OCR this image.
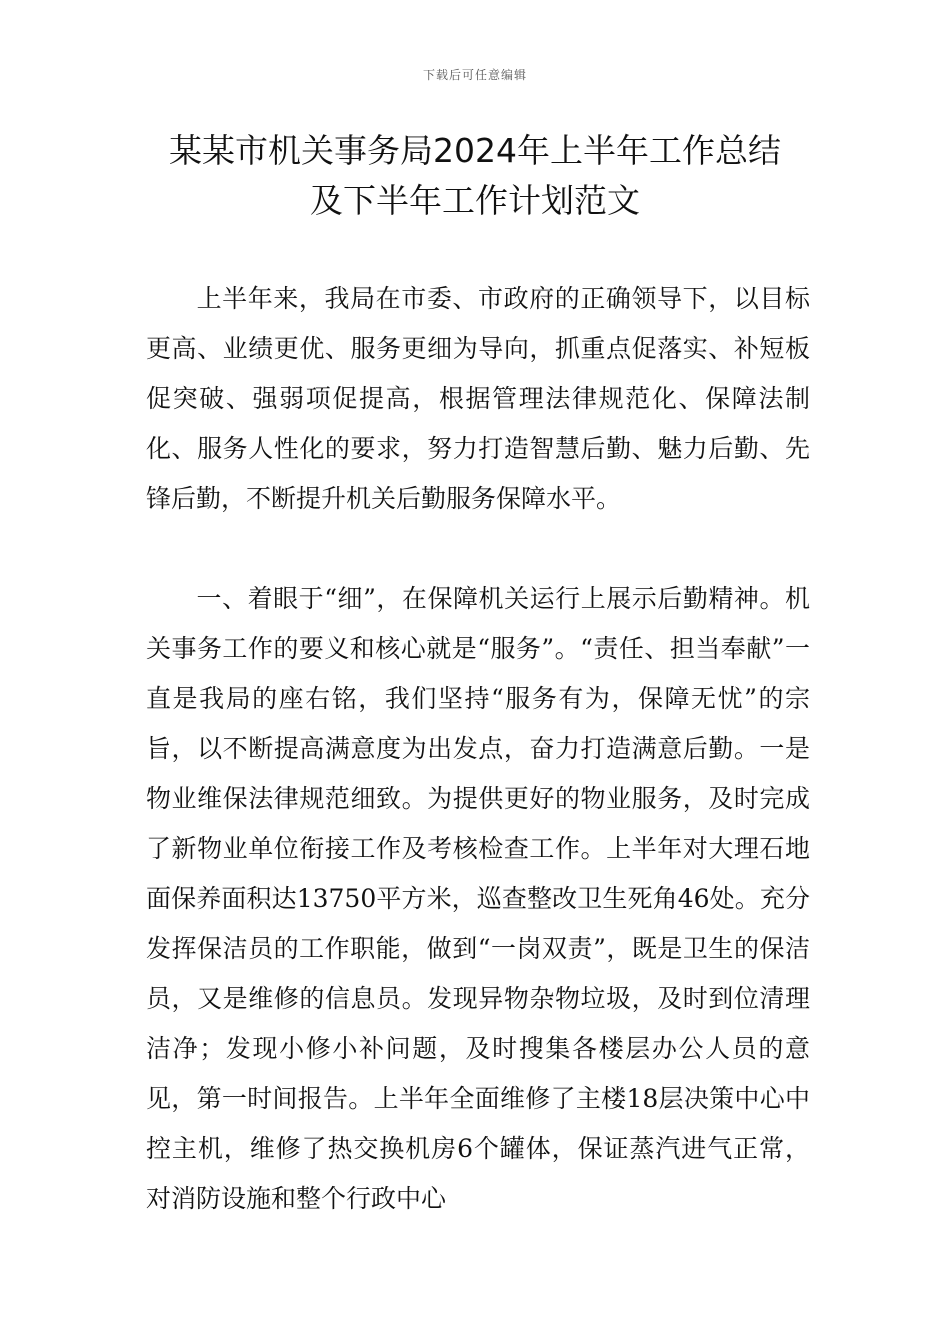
下载后可任意编辑
某某市机关事务局2024年上半年工作总结
及下半年工作计划范文

上半年来，我局在市委、市政府的正确领导下，以目标更高、业绩更优、服务更细为导向，抓重点促落实、补短板促突破、强弱项促提高，根据管理法律规范化、保障法制化、服务人性化的要求，努力打造智慧后勤、魅力后勤、先锋后勤，不断提升机关后勤服务保障水平。

一、着眼于“细”，在保障机关运行上展示后勤精神。机关事务工作的要义和核心就是“服务”。“责任、担当奉献”一直是我局的座右铭，我们坚持“服务有为，保障无忧”的宗旨，以不断提高满意度为出发点，奋力打造满意后勤。一是物业维保法律规范细致。为提供更好的物业服务，及时完成了新物业单位衔接工作及考核检查工作。上半年对大理石地面保养面积达13750平方米，巡查整改卫生死角46处。充分发挥保洁员的工作职能，做到“一岗双责”，既是卫生的保洁员，又是维修的信息员。发现异物杂物垃圾，及时到位清理洁净；发现小修小补问题，及时搜集各楼层办公人员的意见，第一时间报告。上半年全面维修了主楼18层决策中心中控主机，维修了热交换机房6个罐体，保证蒸汽进气正常，对消防设施和整个行政中心
